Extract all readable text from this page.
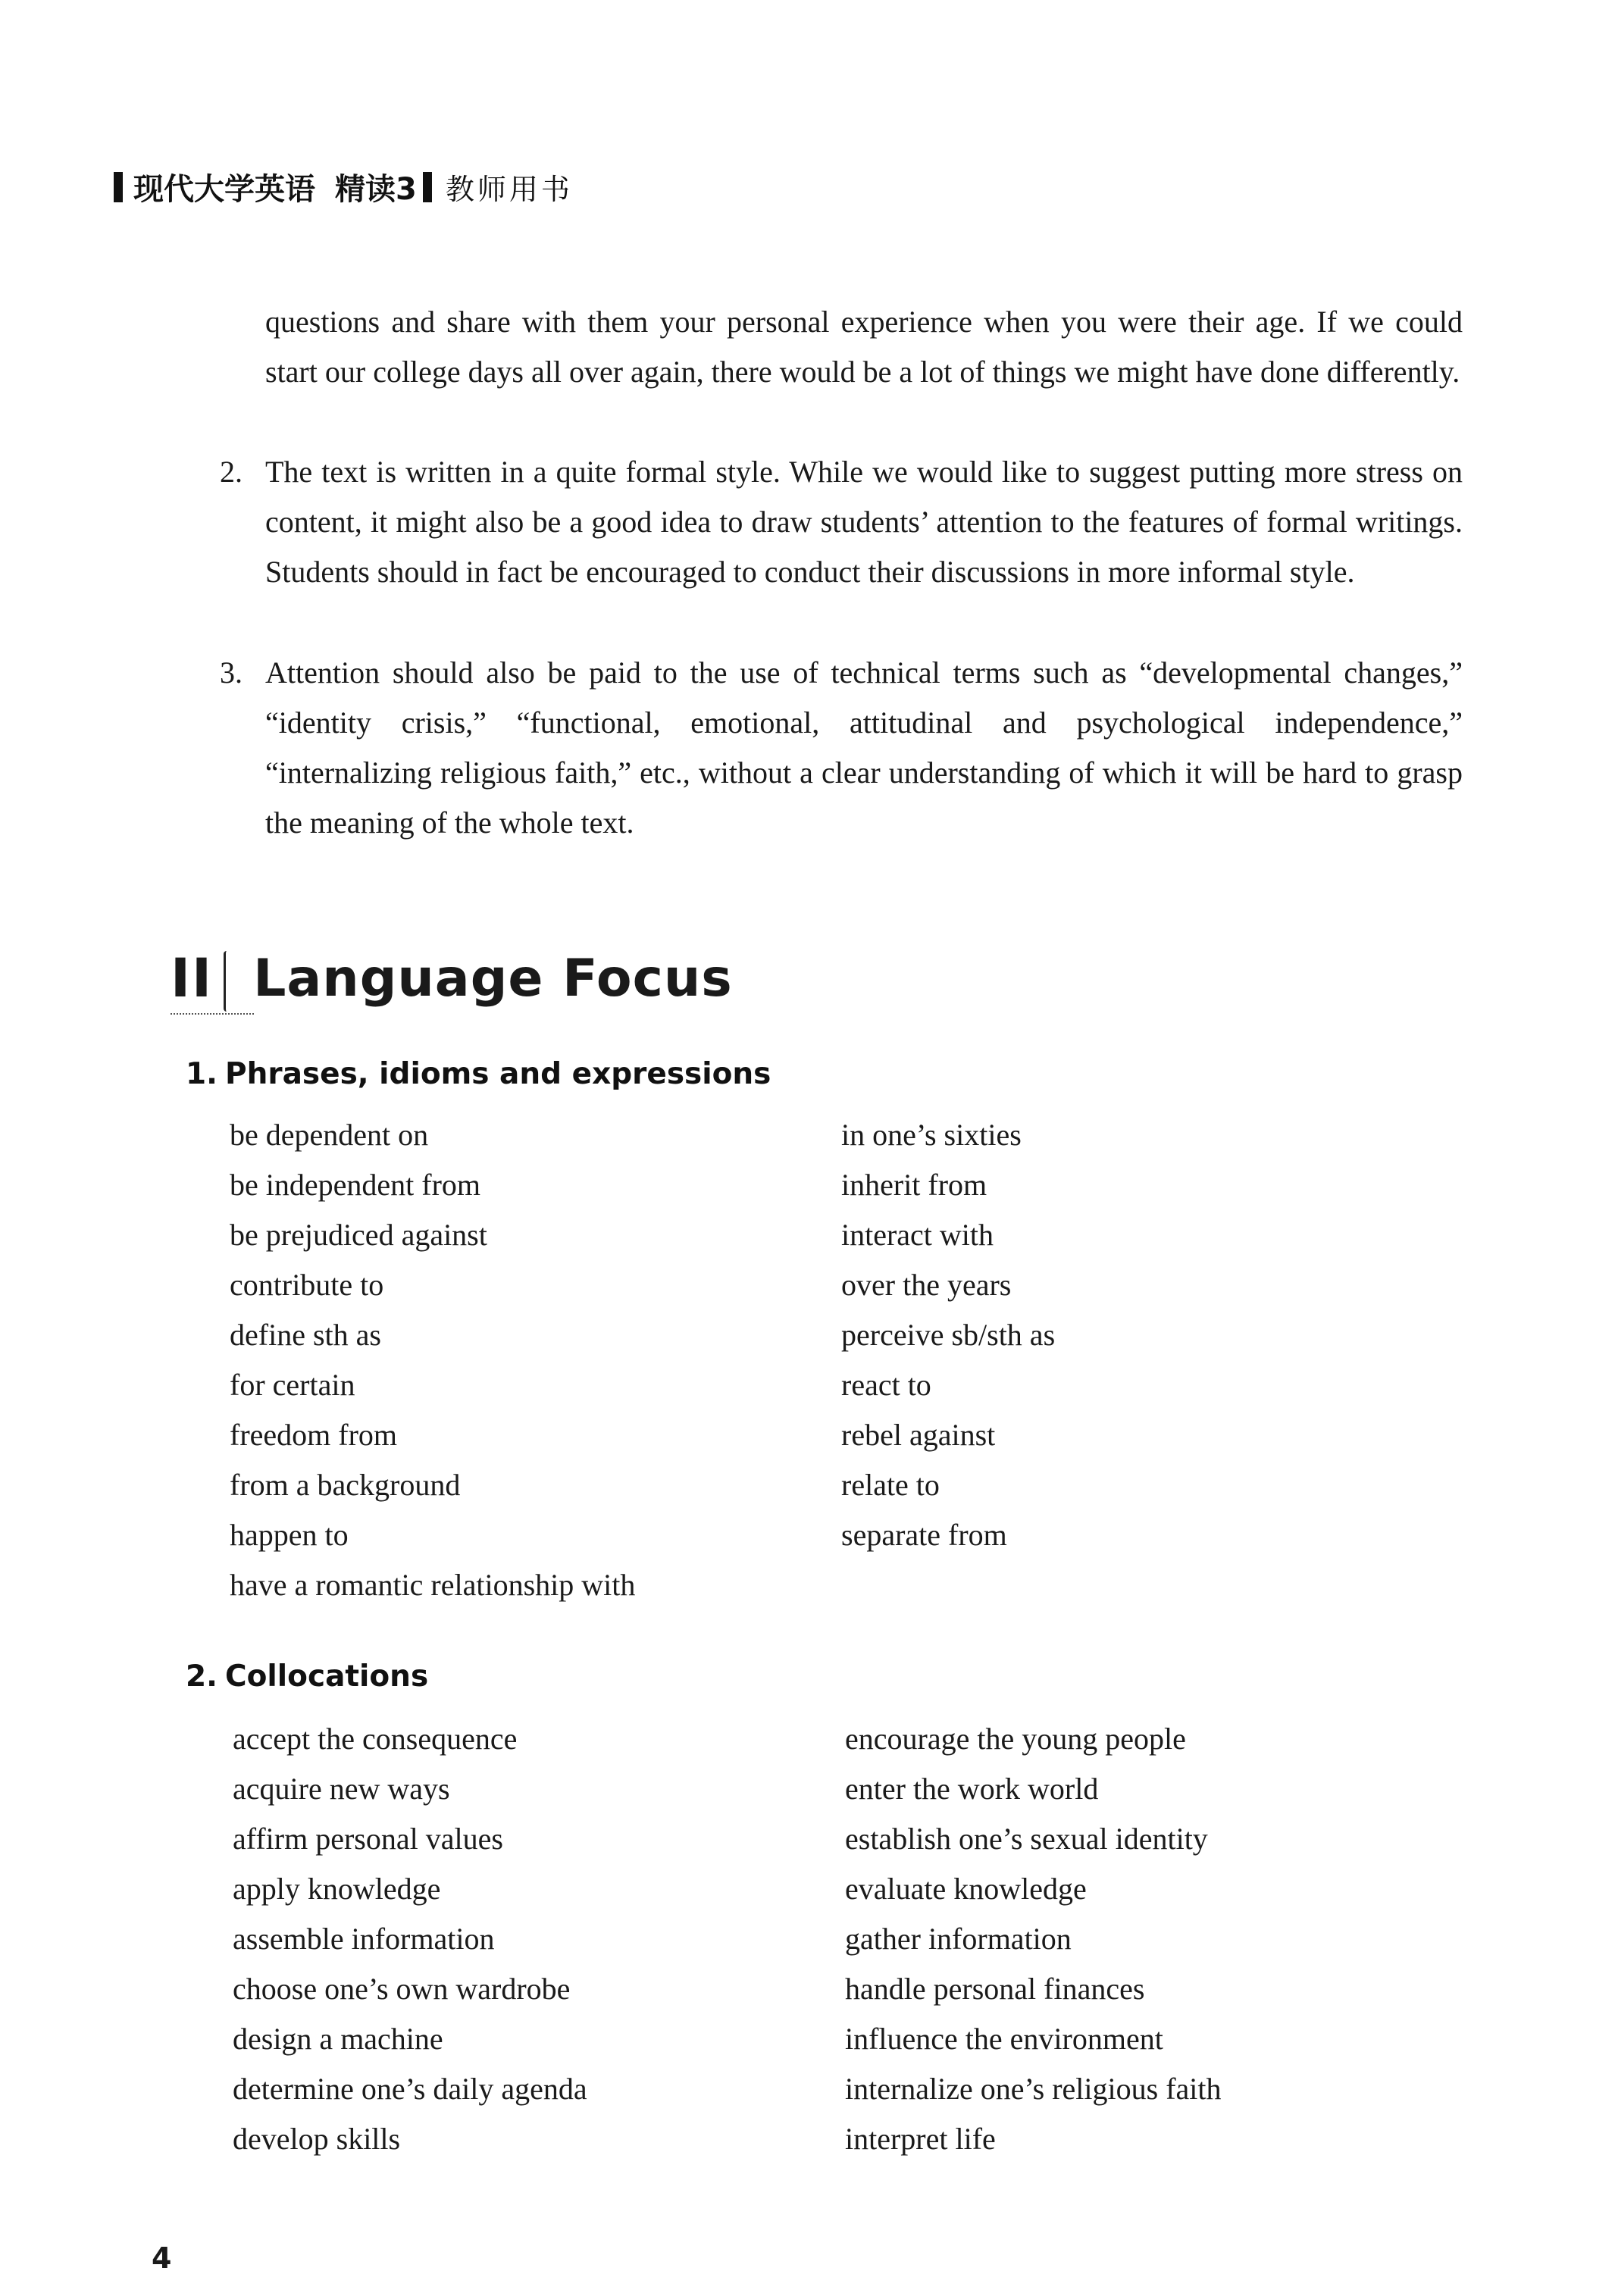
现代大学英语 精读3 教师用书
questions and share with them your personal experience when you were their age. If we could start our college days all over again, there would be a lot of things we might have done differently.
2. The text is written in a quite formal style. While we would like to suggest putting more stress on content, it might also be a good idea to draw students’ attention to the features of formal writings. Students should in fact be encouraged to conduct their discussions in more informal style.
3. Attention should also be paid to the use of technical terms such as “developmental changes,” “identity crisis,” “functional, emotional, attitudinal and psychological independence,” “internalizing religious faith,” etc., without a clear understanding of which it will be hard to grasp the meaning of the whole text.
II Language Focus
1. Phrases, idioms and expressions
be dependent on
be independent from
be prejudiced against
contribute to
define sth as
for certain
freedom from
from a background
happen to
have a romantic relationship with
in one’s sixties
inherit from
interact with
over the years
perceive sb/sth as
react to
rebel against
relate to
separate from
2. Collocations
accept the consequence
acquire new ways
affirm personal values
apply knowledge
assemble information
choose one’s own wardrobe
design a machine
determine one’s daily agenda
develop skills
encourage the young people
enter the work world
establish one’s sexual identity
evaluate knowledge
gather information
handle personal finances
influence the environment
internalize one’s religious faith
interpret life
4
